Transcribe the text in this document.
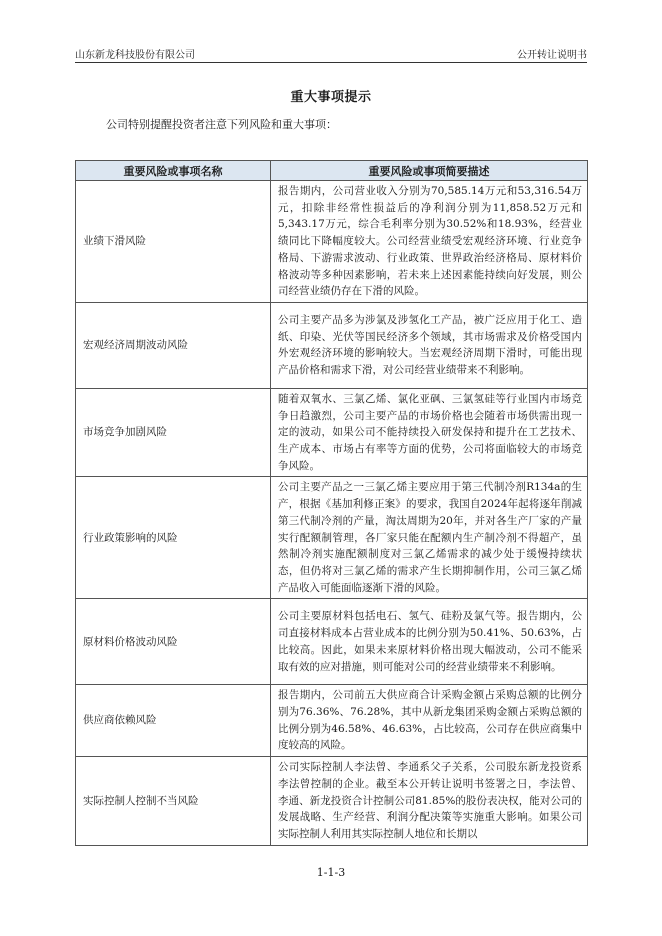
山东新龙科技股份有限公司	公开转让说明书
重大事项提示
公司特别提醒投资者注意下列风险和重大事项：
重要风险或事项名称	重要风险或事项简要描述
业绩下滑风险	报告期内，公司营业收入分别为70,585.14万元和53,316.54万元，扣除非经常性损益后的净利润分别为11,858.52万元和5,343.17万元，综合毛利率分别为30.52%和18.93%，经营业绩同比下降幅度较大。公司经营业绩受宏观经济环境、行业竞争格局、下游需求波动、行业政策、世界政治经济格局、原材料价格波动等多种因素影响，若未来上述因素能持续向好发展，则公司经营业绩仍存在下滑的风险。
宏观经济周期波动风险	公司主要产品多为涉氯及涉氢化工产品，被广泛应用于化工、造纸、印染、光伏等国民经济多个领域，其市场需求及价格受国内外宏观经济环境的影响较大。当宏观经济周期下滑时，可能出现产品价格和需求下滑，对公司经营业绩带来不利影响。
市场竞争加剧风险	随着双氧水、三氯乙烯、氯化亚砜、三氯氢硅等行业国内市场竞争日趋激烈，公司主要产品的市场价格也会随着市场供需出现一定的波动，如果公司不能持续投入研发保持和提升在工艺技术、生产成本、市场占有率等方面的优势，公司将面临较大的市场竞争风险。
行业政策影响的风险	公司主要产品之一三氯乙烯主要应用于第三代制冷剂R134a的生产，根据《基加利修正案》的要求，我国自2024年起将逐年削减第三代制冷剂的产量，淘汰周期为20年，并对各生产厂家的产量实行配额制管理，各厂家只能在配额内生产制冷剂不得超产，虽然制冷剂实施配额制度对三氯乙烯需求的减少处于缓慢持续状态，但仍将对三氯乙烯的需求产生长期抑制作用，公司三氯乙烯产品收入可能面临逐渐下滑的风险。
原材料价格波动风险	公司主要原材料包括电石、氢气、硅粉及氯气等。报告期内，公司直接材料成本占营业成本的比例分别为50.41%、50.63%，占比较高。因此，如果未来原材料价格出现大幅波动，公司不能采取有效的应对措施，则可能对公司的经营业绩带来不利影响。
供应商依赖风险	报告期内，公司前五大供应商合计采购金额占采购总额的比例分别为76.36%、76.28%，其中从新龙集团采购金额占采购总额的比例分别为46.58%、46.63%，占比较高，公司存在供应商集中度较高的风险。
实际控制人控制不当风险	公司实际控制人李法曾、李通系父子关系，公司股东新龙投资系李法曾控制的企业。截至本公开转让说明书签署之日，李法曾、李通、新龙投资合计控制公司81.85%的股份表决权，能对公司的发展战略、生产经营、利润分配决策等实施重大影响。如果公司实际控制人利用其实际控制人地位和长期以
1-1-3
